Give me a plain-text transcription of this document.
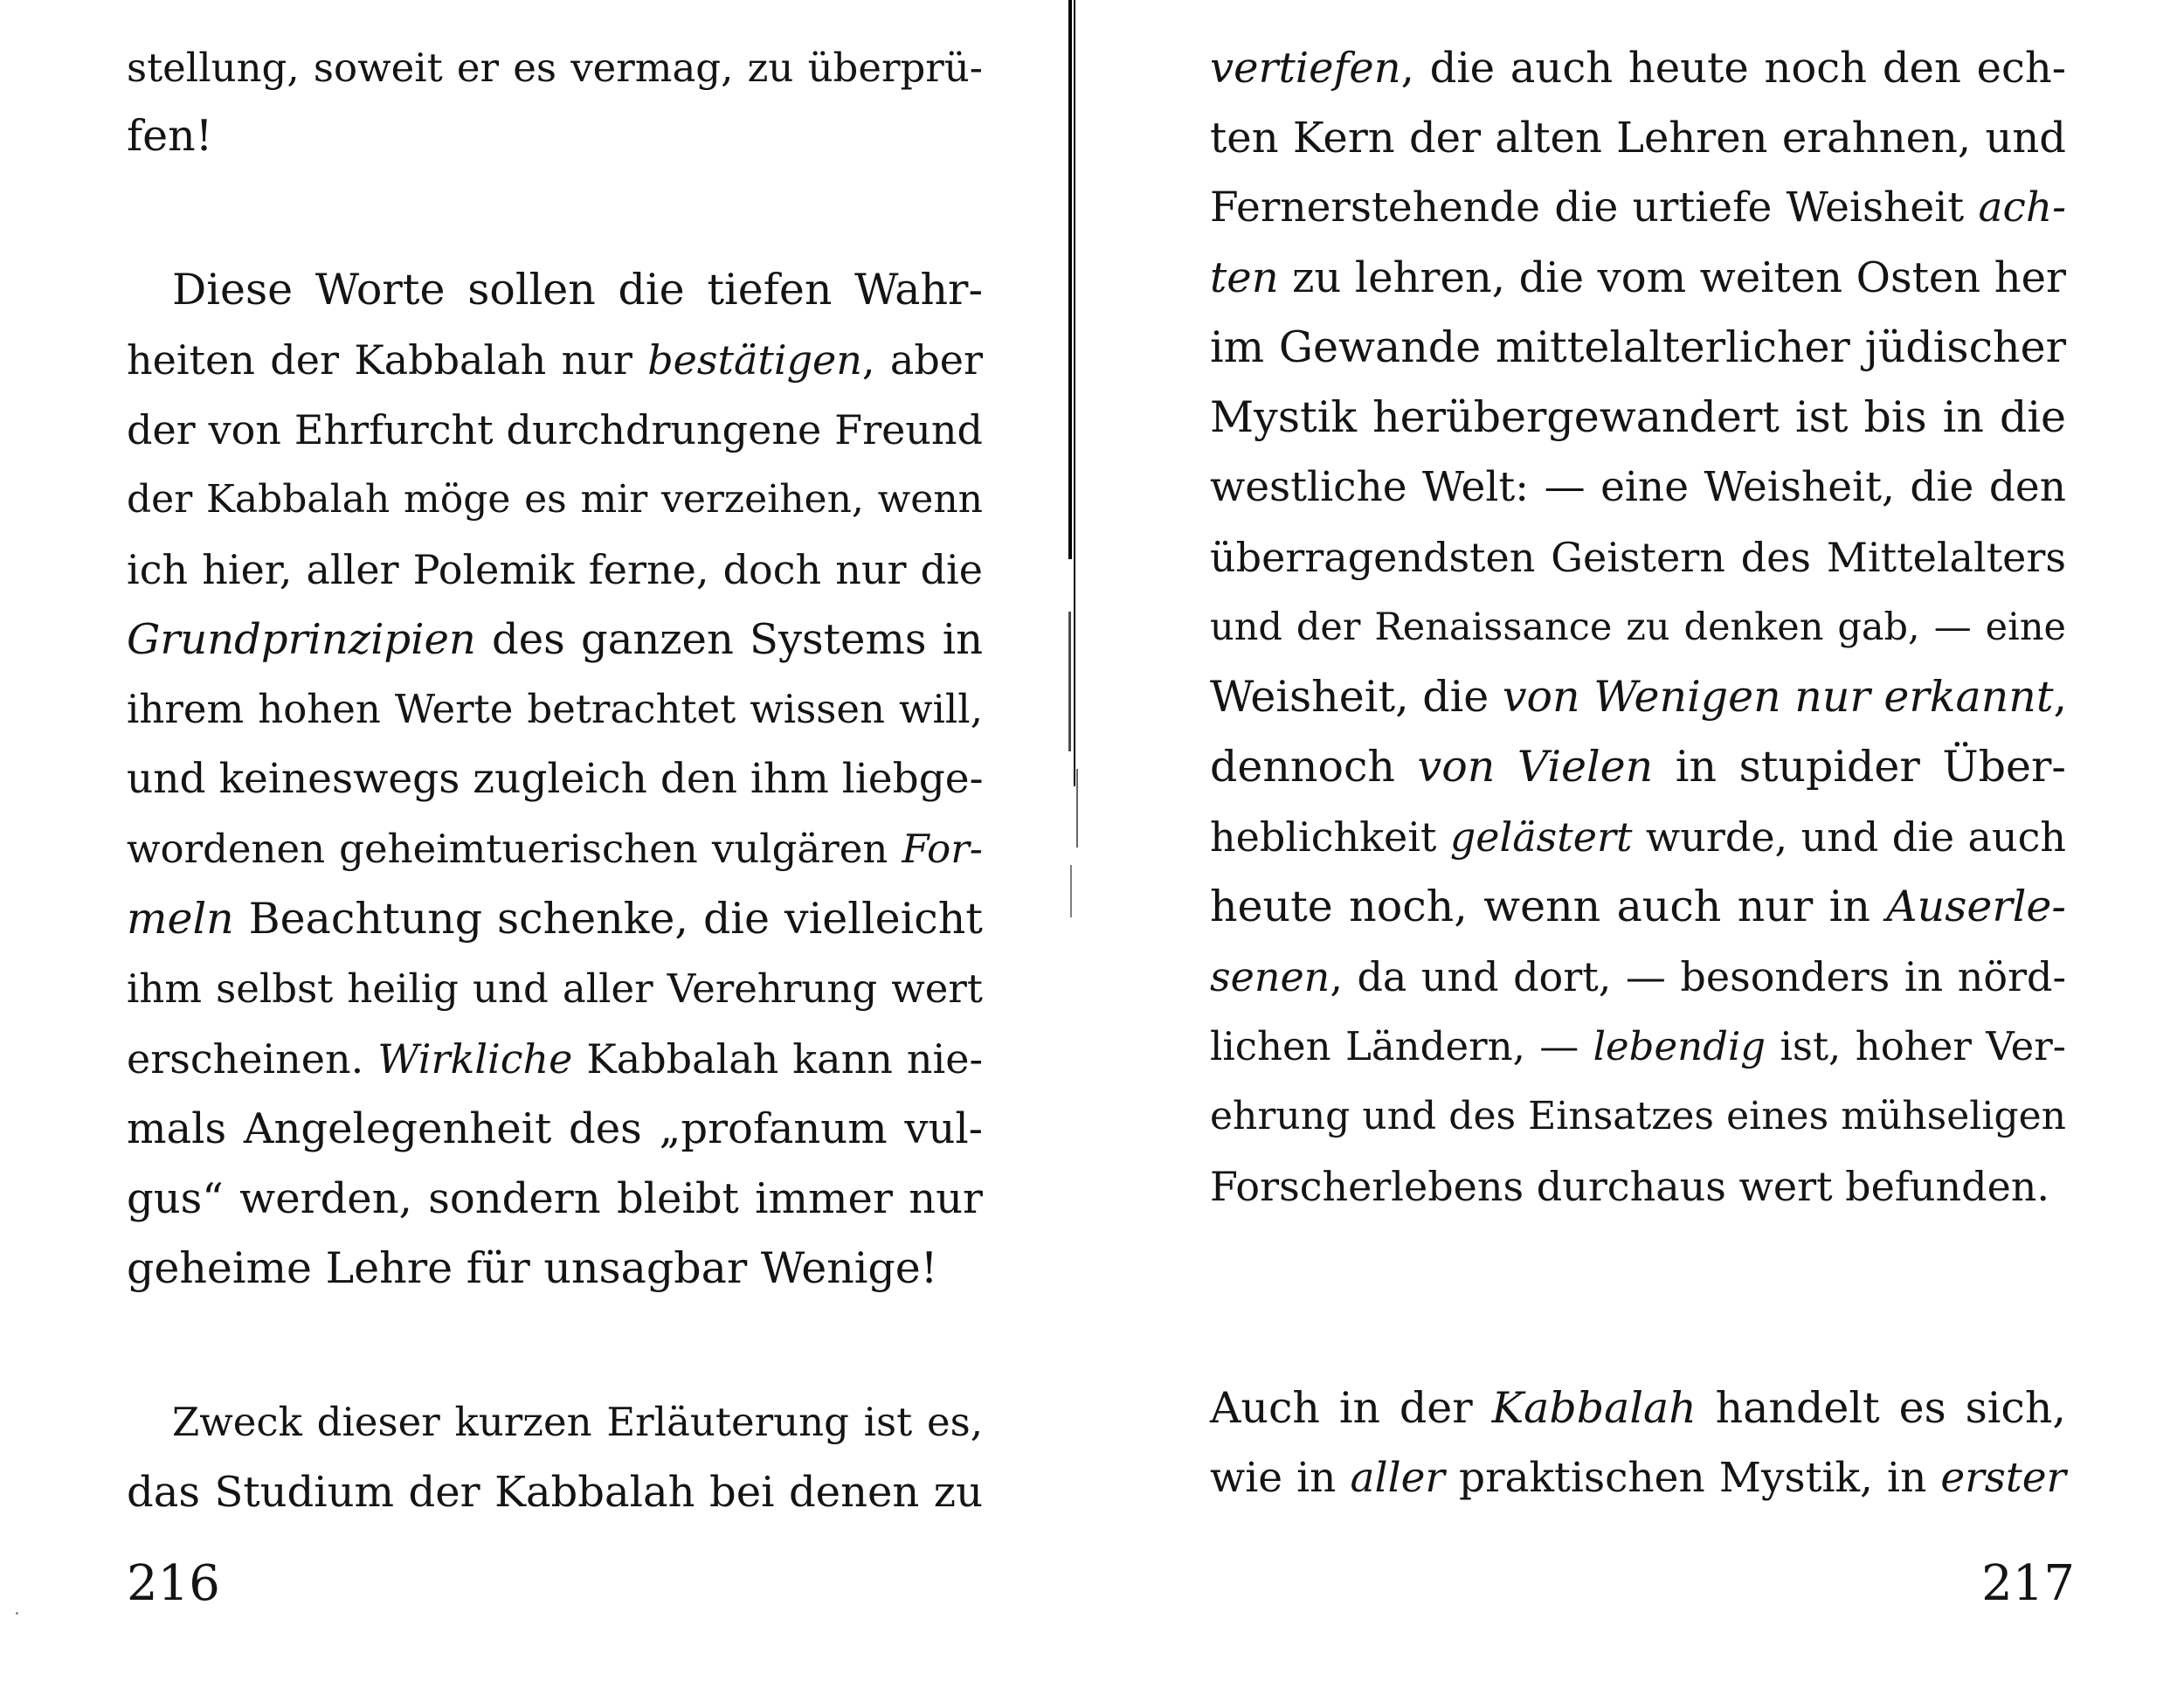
stellung, soweit er es vermag, zu überprü-
fen!
Diese Worte sollen die tiefen Wahr-
heiten der Kabbalah nur bestätigen, aber
der von Ehrfurcht durchdrungene Freund
der Kabbalah möge es mir verzeihen, wenn
ich hier, aller Polemik ferne, doch nur die
Grundprinzipien des ganzen Systems in
ihrem hohen Werte betrachtet wissen will,
und keineswegs zugleich den ihm liebge-
wordenen geheimtuerischen vulgären For-
meln Beachtung schenke, die vielleicht
ihm selbst heilig und aller Verehrung wert
erscheinen. Wirkliche Kabbalah kann nie-
mals Angelegenheit des „profanum vul-
gus“ werden, sondern bleibt immer nur
geheime Lehre für unsagbar Wenige!
Zweck dieser kurzen Erläuterung ist es,
das Studium der Kabbalah bei denen zu
216
vertiefen, die auch heute noch den ech-
ten Kern der alten Lehren erahnen, und
Fernerstehende die urtiefe Weisheit ach-
ten zu lehren, die vom weiten Osten her
im Gewande mittelalterlicher jüdischer
Mystik herübergewandert ist bis in die
westliche Welt: — eine Weisheit, die den
überragendsten Geistern des Mittelalters
und der Renaissance zu denken gab, — eine
Weisheit, die von Wenigen nur erkannt,
dennoch von Vielen in stupider Über-
heblichkeit gelästert wurde, und die auch
heute noch, wenn auch nur in Auserle-
senen, da und dort, — besonders in nörd-
lichen Ländern, — lebendig ist, hoher Ver-
ehrung und des Einsatzes eines mühseligen
Forscherlebens durchaus wert befunden.
Auch in der Kabbalah handelt es sich,
wie in aller praktischen Mystik, in erster
217
